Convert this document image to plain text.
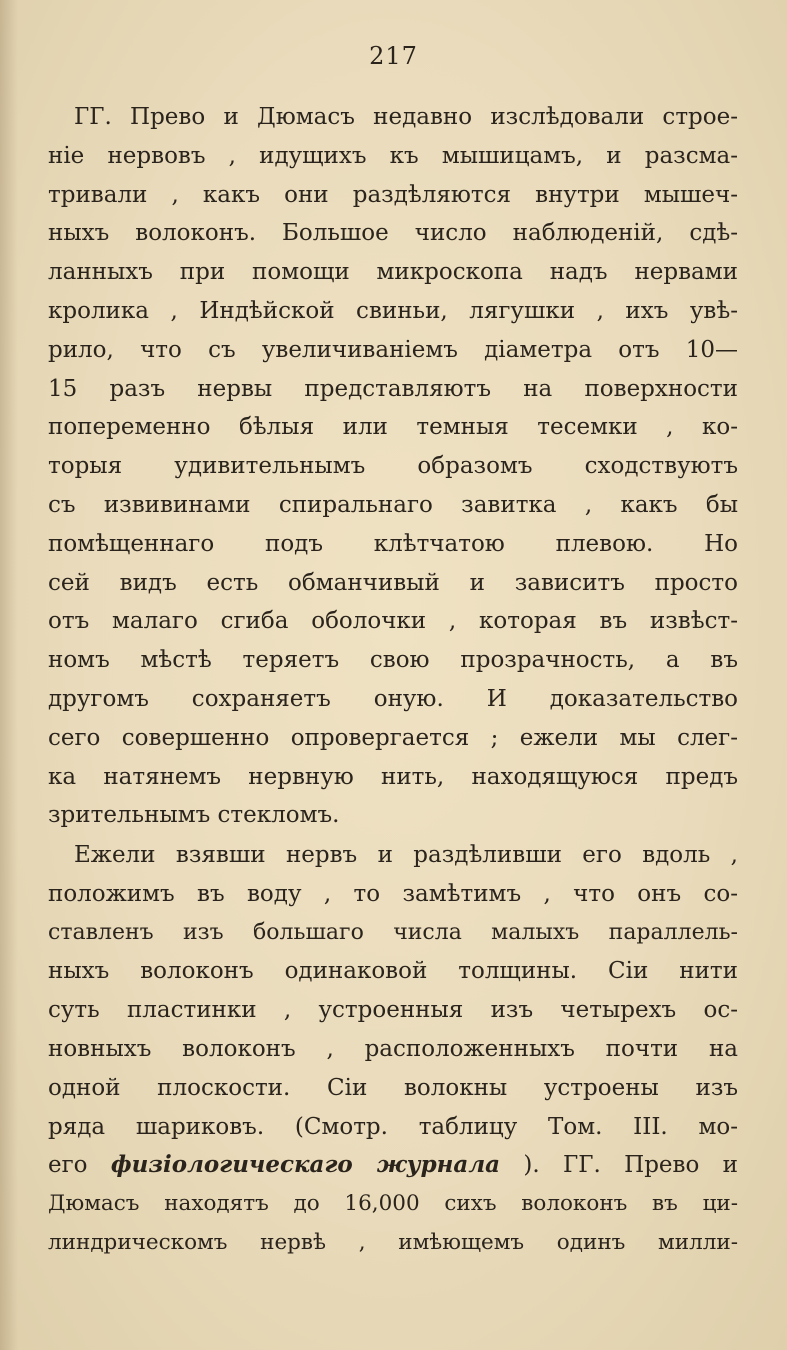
217
ГГ. Прево и Дюмасъ недавно изслѣдовали строе-
ніе нервовъ , идущихъ къ мышицамъ, и разсма-
тривали , какъ они раздѣляются внутри мышеч-
ныхъ волоконъ. Большое число наблюденій, сдѣ-
ланныхъ при помощи микроскопа надъ нервами
кролика , Индѣйской свиньи, лягушки , ихъ увѣ-
рило, что съ увеличиваніемъ діаметра отъ 10—
15 разъ нервы представляютъ на поверхности
попеременно бѣлыя или темныя тесемки , ко-
торыя удивительнымъ образомъ сходствуютъ
съ извивинами спиральнаго завитка , какъ бы
помѣщеннаго подъ клѣтчатою плевою. Но
сей видъ есть обманчивый и зависитъ просто
отъ малаго сгиба оболочки , которая въ извѣст-
номъ мѣстѣ теряетъ свою прозрачность, а въ
другомъ сохраняетъ оную. И доказательство
сего совершенно опровергается ; ежели мы слег-
ка натянемъ нервную нить, находящуюся предъ
зрительнымъ стекломъ.
Ежели взявши нервъ и раздѣливши его вдоль ,
положимъ въ воду , то замѣтимъ , что онъ со-
ставленъ изъ большаго числа малыхъ параллель-
ныхъ волоконъ одинаковой толщины. Сіи нити
суть пластинки , устроенныя изъ четырехъ ос-
новныхъ волоконъ , расположенныхъ почти на
одной плоскости. Сіи волокны устроены изъ
ряда шариковъ. (Смотр. таблицу Том. III. мо-
его физіологическаго журнала ). ГГ. Прево и
Дюмасъ находятъ до 16,000 сихъ волоконъ въ ци-
линдрическомъ нервѣ , имѣющемъ одинъ милли-
